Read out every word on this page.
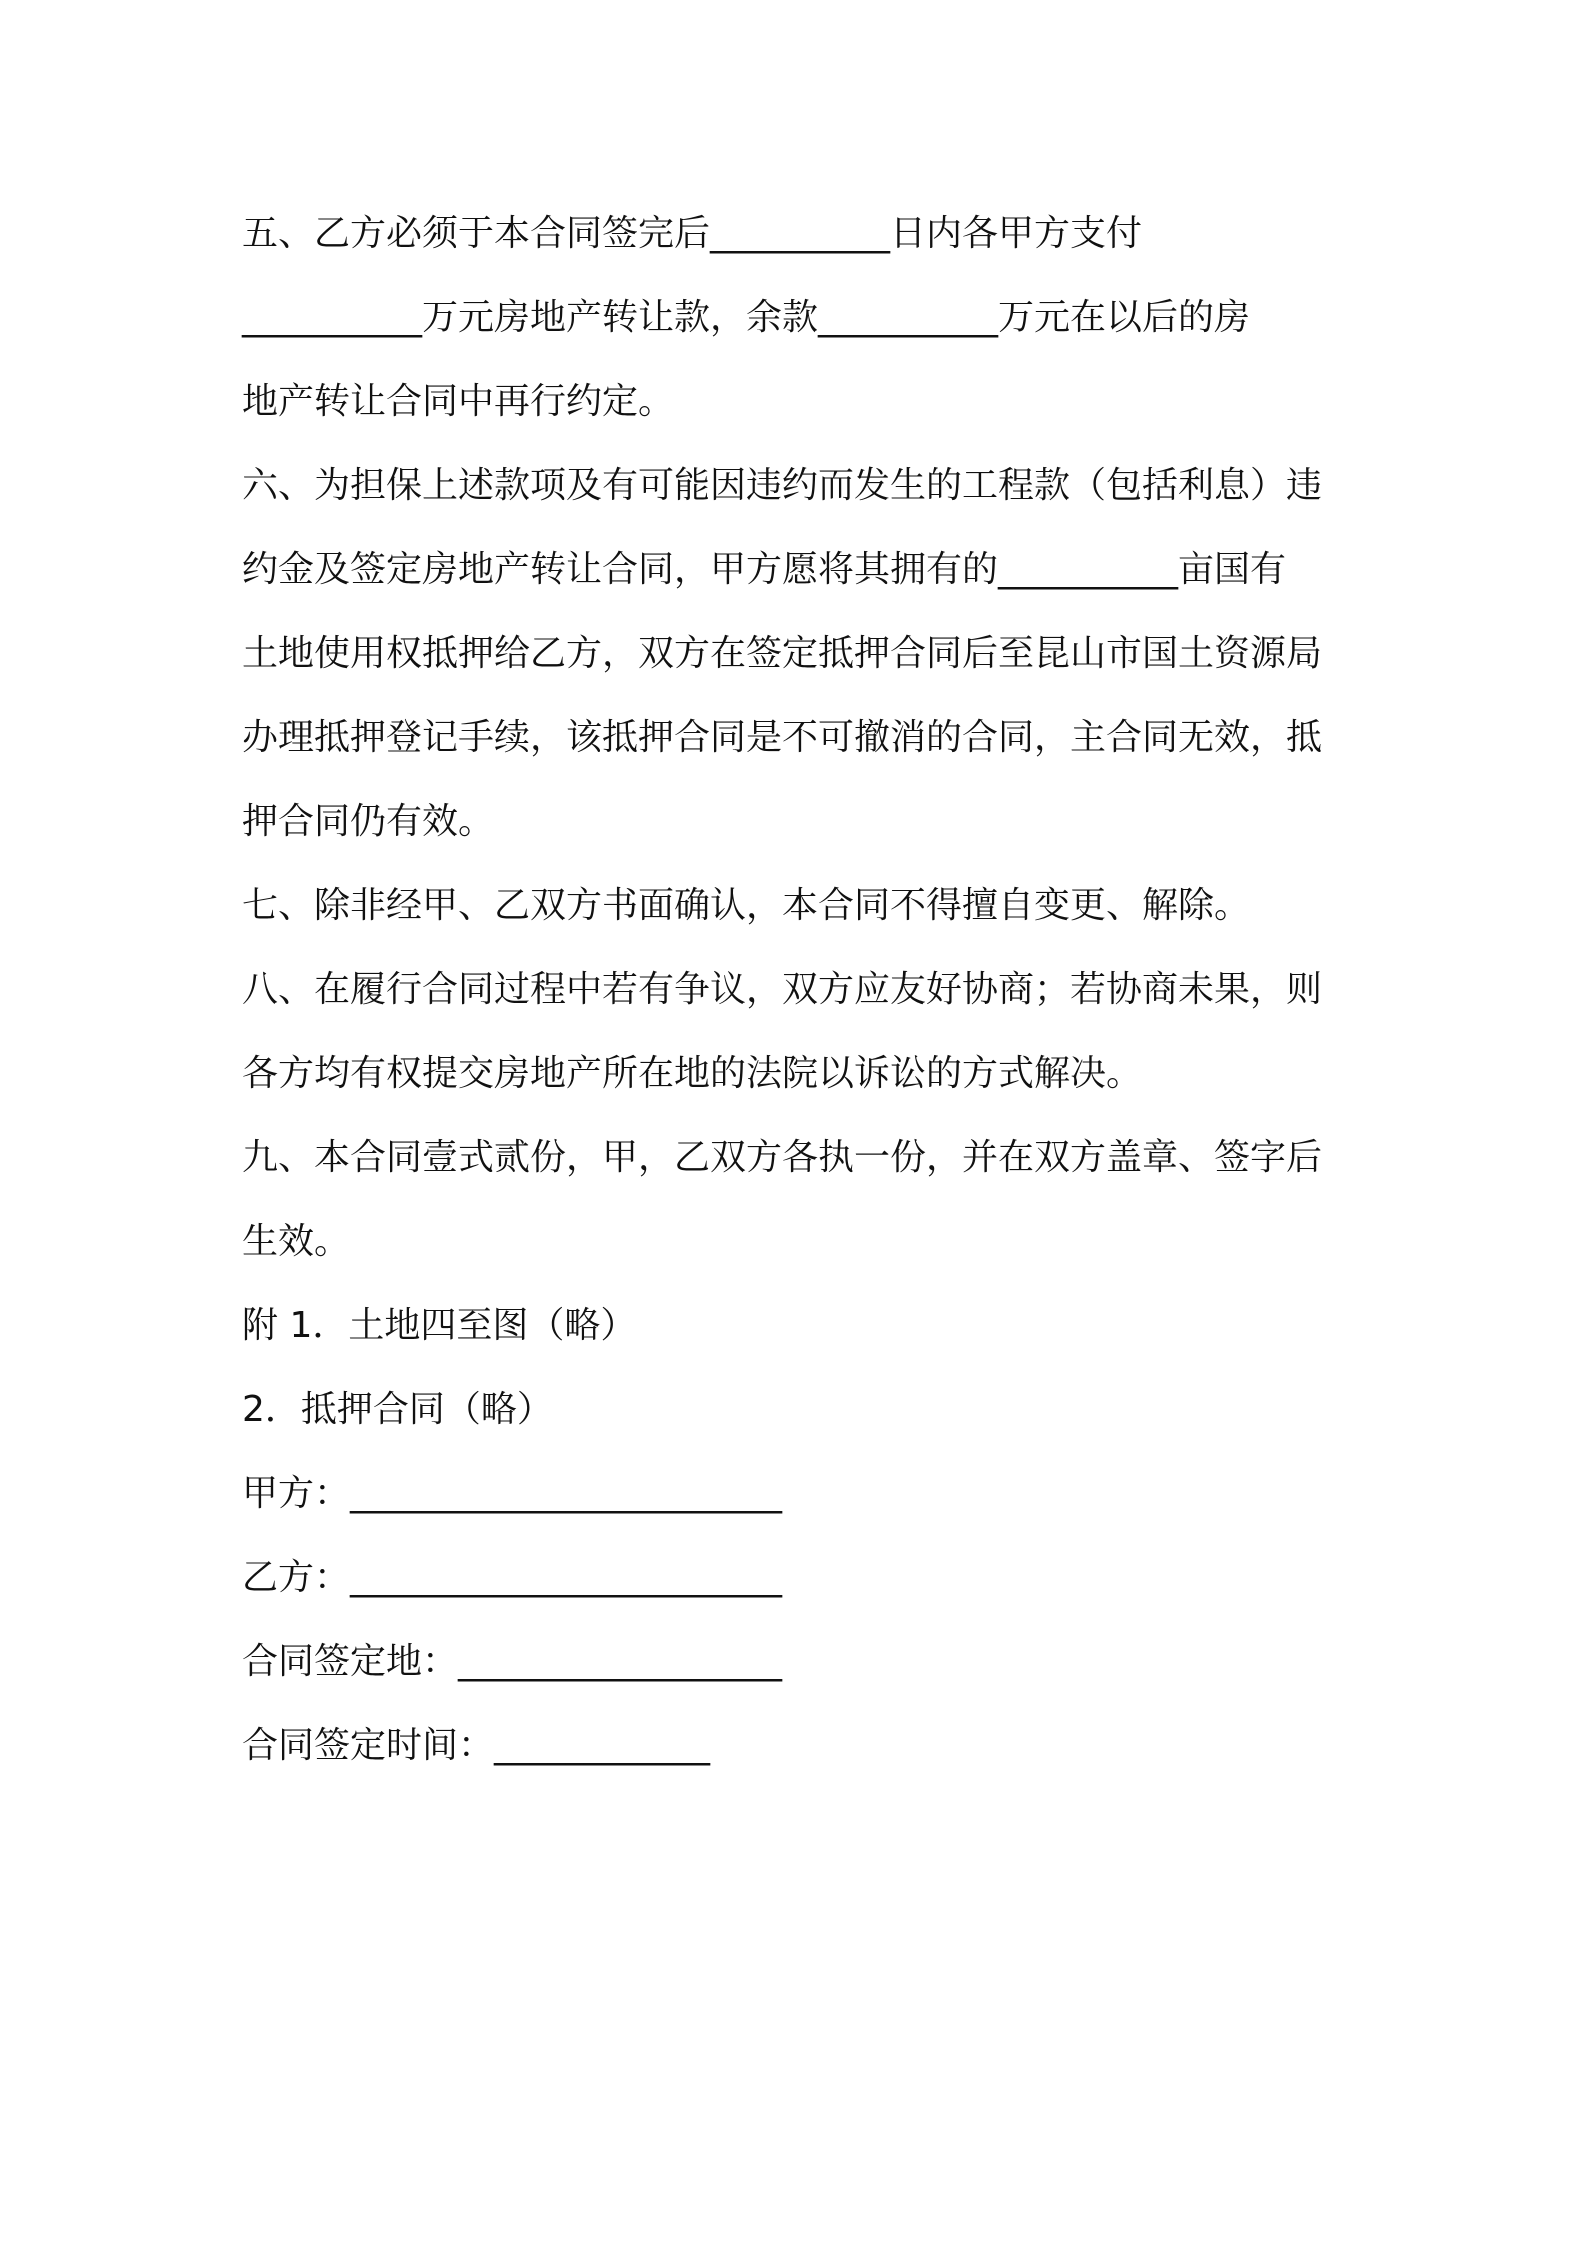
五、乙方必须于本合同签完后__________日内各甲方支付
__________万元房地产转让款，余款__________万元在以后的房
地产转让合同中再行约定。
六、为担保上述款项及有可能因违约而发生的工程款（包括利息）违
约金及签定房地产转让合同，甲方愿将其拥有的__________亩国有
土地使用权抵押给乙方，双方在签定抵押合同后至昆山市国土资源局
办理抵押登记手续，该抵押合同是不可撤消的合同，主合同无效，抵
押合同仍有效。
七、除非经甲、乙双方书面确认，本合同不得擅自变更、解除。
八、在履行合同过程中若有争议，双方应友好协商；若协商未果，则
各方均有权提交房地产所在地的法院以诉讼的方式解决。
九、本合同壹式贰份，甲，乙双方各执一份，并在双方盖章、签字后
生效。
附 1．土地四至图（略）
2．抵押合同（略）
甲方：________________________
乙方：________________________
合同签定地：__________________
合同签定时间：____________
